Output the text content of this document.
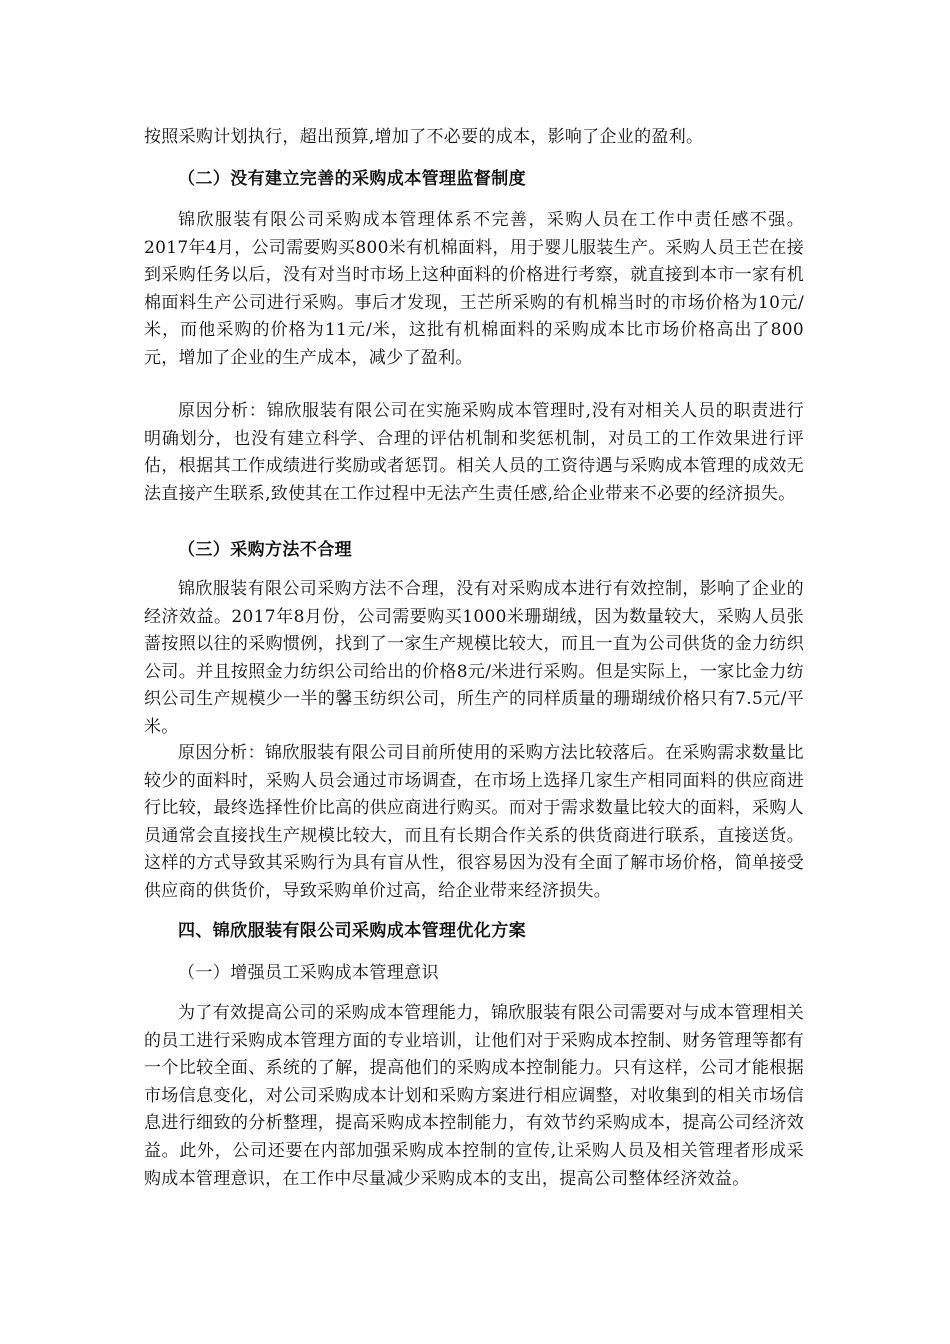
按照采购计划执行，超出预算,增加了不必要的成本，影响了企业的盈利。

（二）没有建立完善的采购成本管理监督制度

锦欣服装有限公司采购成本管理体系不完善，采购人员在工作中责任感不强。2017年4月，公司需要购买800米有机棉面料，用于婴儿服装生产。采购人员王芒在接到采购任务以后，没有对当时市场上这种面料的价格进行考察，就直接到本市一家有机棉面料生产公司进行采购。事后才发现，王芒所采购的有机棉当时的市场价格为10元/米，而他采购的价格为11元/米，这批有机棉面料的采购成本比市场价格高出了800元，增加了企业的生产成本，减少了盈利。

原因分析：锦欣服装有限公司在实施采购成本管理时,没有对相关人员的职责进行明确划分，也没有建立科学、合理的评估机制和奖惩机制，对员工的工作效果进行评估，根据其工作成绩进行奖励或者惩罚。相关人员的工资待遇与采购成本管理的成效无法直接产生联系,致使其在工作过程中无法产生责任感,给企业带来不必要的经济损失。

（三）采购方法不合理

锦欣服装有限公司采购方法不合理，没有对采购成本进行有效控制，影响了企业的经济效益。2017年8月份，公司需要购买1000米珊瑚绒，因为数量较大，采购人员张蔷按照以往的采购惯例，找到了一家生产规模比较大，而且一直为公司供货的金力纺织公司。并且按照金力纺织公司给出的价格8元/米进行采购。但是实际上，一家比金力纺织公司生产规模少一半的馨玉纺织公司，所生产的同样质量的珊瑚绒价格只有7.5元/平米。

原因分析：锦欣服装有限公司目前所使用的采购方法比较落后。在采购需求数量比较少的面料时，采购人员会通过市场调查，在市场上选择几家生产相同面料的供应商进行比较，最终选择性价比高的供应商进行购买。而对于需求数量比较大的面料，采购人员通常会直接找生产规模比较大，而且有长期合作关系的供货商进行联系，直接送货。这样的方式导致其采购行为具有盲从性，很容易因为没有全面了解市场价格，简单接受供应商的供货价，导致采购单价过高，给企业带来经济损失。

四、锦欣服装有限公司采购成本管理优化方案
（一）增强员工采购成本管理意识

为了有效提高公司的采购成本管理能力，锦欣服装有限公司需要对与成本管理相关的员工进行采购成本管理方面的专业培训，让他们对于采购成本控制、财务管理等都有一个比较全面、系统的了解，提高他们的采购成本控制能力。只有这样，公司才能根据市场信息变化，对公司采购成本计划和采购方案进行相应调整，对收集到的相关市场信息进行细致的分析整理，提高采购成本控制能力，有效节约采购成本，提高公司经济效益。此外，公司还要在内部加强采购成本控制的宣传,让采购人员及相关管理者形成采购成本管理意识，在工作中尽量减少采购成本的支出，提高公司整体经济效益。
